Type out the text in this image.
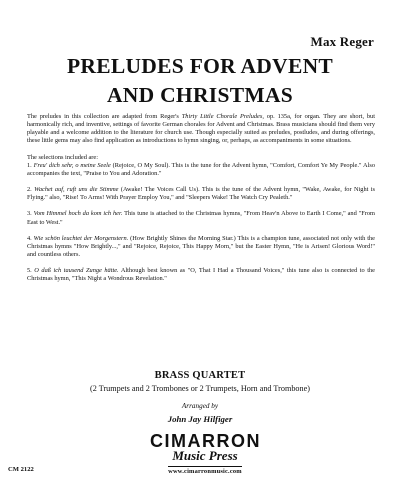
Max Reger
PRELUDES FOR ADVENT
AND CHRISTMAS

The preludes in this collection are adapted from Reger's Thirty Little Chorale Preludes, op. 135a, for organ. They are short, but harmonically rich, and inventive, settings of favorite German chorales for Advent and Christmas. Brass musicians should find them very playable and a welcome addition to the literature for church use. Though especially suited as preludes, postludes, and during offerings, these little gems may also find application as introductions to hymn singing, or, perhaps, as accompaniments in some situations.

The selections included are:

1. Freu' dich sehr, o meine Seele (Rejoice, O My Soul). This is the tune for the Advent hymn, "Comfort, Comfort Ye My People." Also accompanies the text, "Praise to You and Adoration."
2. Wachet auf, ruft uns die Stimme (Awake! The Voices Call Us). This is the tune of the Advent hymn, "Wake, Awake, for Night is Flying." also, "Rise! To Arms! With Prayer Employ You," and "Sleepers Wake! The Watch Cry Pealeth."
3. Vom Himmel hoch da kom ich her. This tune is attached to the Christmas hymns, "From Heav'n Above to Earth I Come," and "From East to West."
4. Wie schön leuchtet der Morgenstern. (How Brightly Shines the Morning Star.) This is a champion tune, associated not only with the Christmas hymns "How Brightly...," and "Rejoice, Rejoice, This Happy Morn," but the Easter Hymn, "He is Arisen! Glorious Word!" and countless others.
5. O daß ich tausend Zunge hätte. Although best known as "O, That I Had a Thousand Voices," this tune also is connected to the Christmas hymn, "This Night a Wondrous Revelation."
BRASS QUARTET
(2 Trumpets and 2 Trombones or 2 Trumpets, Horn and Trombone)
Arranged by
John Jay Hilfiger
CIMARRON
Music Press
www.cimarronmusic.com
CM 2122
